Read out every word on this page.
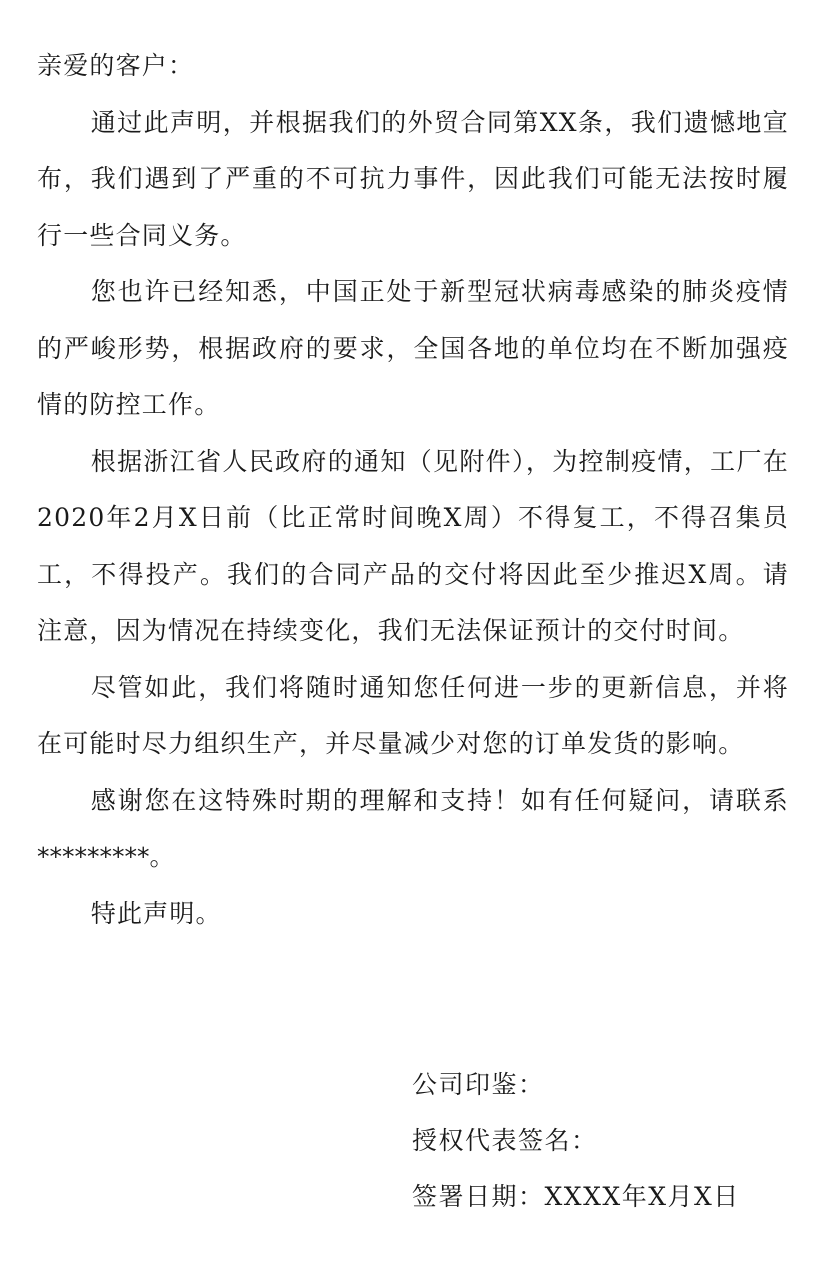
亲爱的客户：

通过此声明，并根据我们的外贸合同第XX条，我们遗憾地宣布，我们遇到了严重的不可抗力事件，因此我们可能无法按时履行一些合同义务。

您也许已经知悉，中国正处于新型冠状病毒感染的肺炎疫情的严峻形势，根据政府的要求，全国各地的单位均在不断加强疫情的防控工作。

根据浙江省人民政府的通知（见附件），为控制疫情，工厂在2020年2月X日前（比正常时间晚X周）不得复工，不得召集员工，不得投产。我们的合同产品的交付将因此至少推迟X周。请注意，因为情况在持续变化，我们无法保证预计的交付时间。

尽管如此，我们将随时通知您任何进一步的更新信息，并将在可能时尽力组织生产，并尽量减少对您的订单发货的影响。

感谢您在这特殊时期的理解和支持！如有任何疑问，请联系*********。

特此声明。

公司印鉴：
授权代表签名：
签署日期：XXXX年X月X日
